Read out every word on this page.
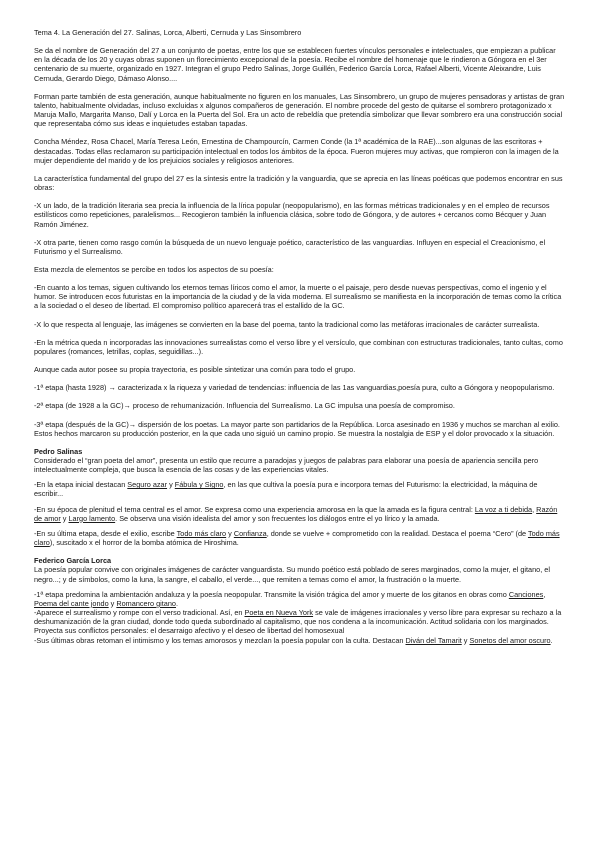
Tema 4. La Generación del 27. Salinas, Lorca, Alberti, Cernuda y Las Sinsombrero

Se da el nombre de Generación del 27 a un conjunto de poetas, entre los que se establecen fuertes vínculos personales e intelectuales, que empiezan a publicar en la década de los 20 y cuyas obras suponen un florecimiento excepcional de la poesía. Recibe el nombre del homenaje que le rindieron a Góngora en el 3er centenario de su muerte, organizado en 1927. Integran el grupo Pedro Salinas, Jorge Guillén, Federico García Lorca, Rafael Alberti, Vicente Aleixandre, Luis Cernuda, Gerardo Diego, Dámaso Alonso....

Forman parte también de esta generación, aunque habitualmente no figuren en los manuales, Las Sinsombrero, un grupo de mujeres pensadoras y artistas de gran talento, habitualmente olvidadas, incluso excluidas x algunos compañeros de generación. El nombre procede del gesto de quitarse el sombrero protagonizado x Maruja Mallo, Margarita Manso, Dalí y Lorca en la Puerta del Sol. Era un acto de rebeldía que pretendía simbolizar que llevar sombrero era una construcción social que representaba cómo sus ideas e inquietudes estaban tapadas.

Concha Méndez, Rosa Chacel, María Teresa León, Ernestina de Champourcín, Carmen Conde (la 1ª académica de la RAE)...son algunas de las escritoras + destacadas. Todas ellas reclamaron su participación intelectual en todos los ámbitos de la época. Fueron mujeres muy activas, que rompieron con la imagen de la mujer dependiente del marido y de los prejuicios sociales y religiosos anteriores.

La característica fundamental del grupo del 27 es la síntesis entre la tradición y la vanguardia, que se aprecia en las líneas poéticas que podemos encontrar en sus obras:

-X un lado, de la tradición literaria sea precia la influencia de la lírica popular (neopopularismo), en las formas métricas tradicionales y en el empleo de recursos estilísticos como repeticiones, paralelismos... Recogieron también la influencia clásica, sobre todo de Góngora, y de autores + cercanos como Bécquer y Juan Ramón Jiménez.

-X otra parte, tienen como rasgo común la búsqueda de un nuevo lenguaje poético, característico de las vanguardias. Influyen en especial el Creacionismo, el Futurismo y el Surrealismo.

Esta mezcla de elementos se percibe en todos los aspectos de su poesía:

-En cuanto a los temas, siguen cultivando los eternos temas líricos como el amor, la muerte o el paisaje, pero desde nuevas perspectivas, como el ingenio y el humor. Se introducen ecos futuristas en la importancia de la ciudad y de la vida moderna. El surrealismo se manifiesta en la incorporación de temas como la crítica a la sociedad o el deseo de libertad. El compromiso político aparecerá tras el estallido de la GC.

-X lo que respecta al lenguaje, las imágenes se convierten en la base del poema, tanto la tradicional como las metáforas irracionales de carácter surrealista.

-En la métrica queda n incorporadas las innovaciones surrealistas como el verso libre y el versículo, que combinan con estructuras tradicionales, tanto cultas, como populares (romances, letrillas, coplas, seguidillas...).

Aunque cada autor posee su propia trayectoria, es posible sintetizar una común para todo el grupo.

-1ª etapa (hasta 1928) → caracterizada x la riqueza y variedad de tendencias: influencia de las 1as vanguardias,poesía pura, culto a Góngora y neopopularismo.

-2ª etapa (de 1928 a la GC)→ proceso de rehumanización. Influencia del Surrealismo. La GC impulsa una poesía de compromiso.

-3ª etapa (después de la GC)→ dispersión de los poetas. La mayor parte son partidarios de la República. Lorca asesinado en 1936 y muchos se marchan al exilio. Estos hechos marcaron su producción posterior, en la que cada uno siguió un camino propio. Se muestra la nostalgia de ESP y el dolor provocado x la situación.

Pedro Salinas

Considerado el “gran poeta del amor”, presenta un estilo que recurre a paradojas y juegos de palabras para elaborar una poesía de apariencia sencilla pero intelectualmente compleja, que busca la esencia de las cosas y de las experiencias vitales.

-En la etapa inicial destacan Seguro azar y Fábula y Signo, en las que cultiva la poesía pura e incorpora temas del Futurismo: la electricidad, la máquina de escribir...

-En su época de plenitud el tema central es el amor. Se expresa como una experiencia amorosa en la que la amada es la figura central: La voz a ti debida, Razón de amor y Largo lamento. Se observa una visión idealista del amor y son frecuentes los diálogos entre el yo lírico y la amada.

-En su última etapa, desde el exilio, escribe Todo más claro y Confianza, donde se vuelve + comprometido con la realidad. Destaca el poema “Cero” (de Todo más claro), suscitado x el horror de la bomba atómica de Hiroshima.

Federico García Lorca

La poesía popular convive con originales imágenes de carácter vanguardista. Su mundo poético está poblado de seres marginados, como la mujer, el gitano, el negro...; y de símbolos, como la luna, la sangre, el caballo, el verde..., que remiten a temas como el amor, la frustración o la muerte.

-1ª etapa predomina la ambientación andaluza y la poesía neopopular. Transmite la visión trágica del amor y muerte de los gitanos en obras como Canciones, Poema del cante jondo y Romancero gitano.

-Aparece el surrealismo y rompe con el verso tradicional. Así, en Poeta en Nueva York se vale de imágenes irracionales y verso libre para expresar su rechazo a la deshumanización de la gran ciudad, donde todo queda subordinado al capitalismo, que nos condena a la incomunicación. Actitud solidaria con los marginados. Proyecta sus conflictos personales: el desarraigo afectivo y el deseo de libertad del homosexual

-Sus últimas obras retoman el intimismo y los temas amorosos y mezclan la poesía popular con la culta. Destacan Diván del Tamarit y Sonetos del amor oscuro.
